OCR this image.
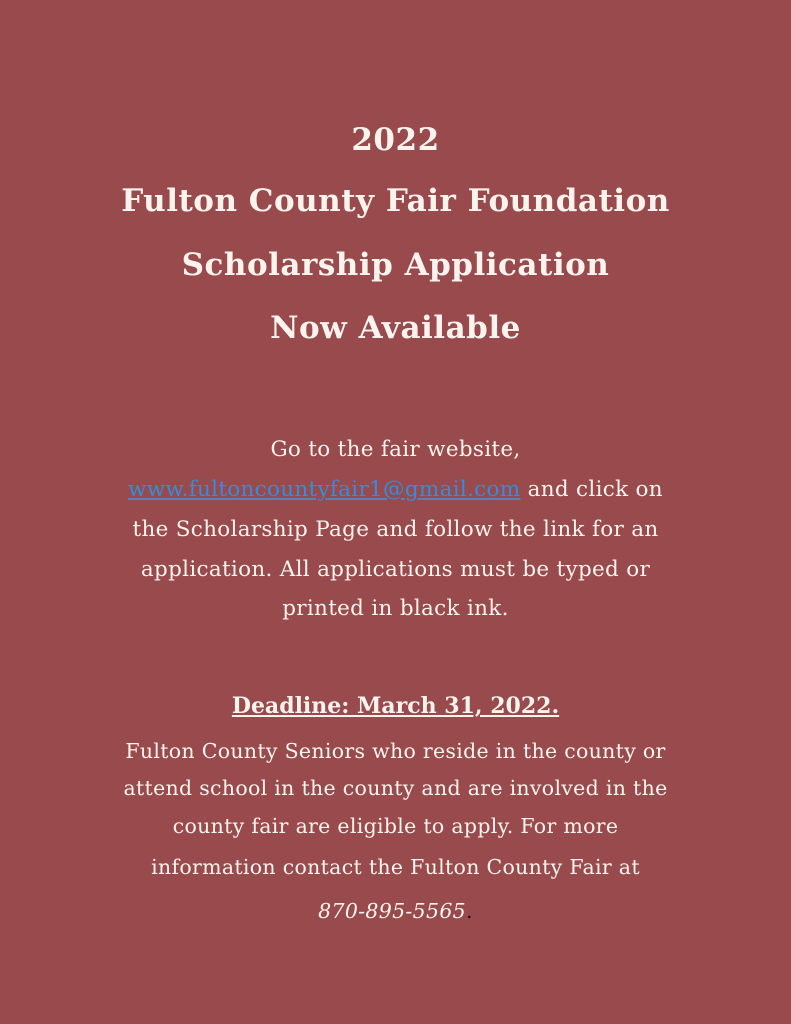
2022
Fulton County Fair Foundation
Scholarship Application
Now Available
Go to the fair website,
www.fultoncountyfair1@gmail.com and click on
the Scholarship Page and follow the link for an
application. All applications must be typed or
printed in black ink.
Deadline: March 31, 2022.
Fulton County Seniors who reside in the county or
attend school in the county and are involved in the
county fair are eligible to apply. For more
information contact the Fulton County Fair at
870-895-5565.
